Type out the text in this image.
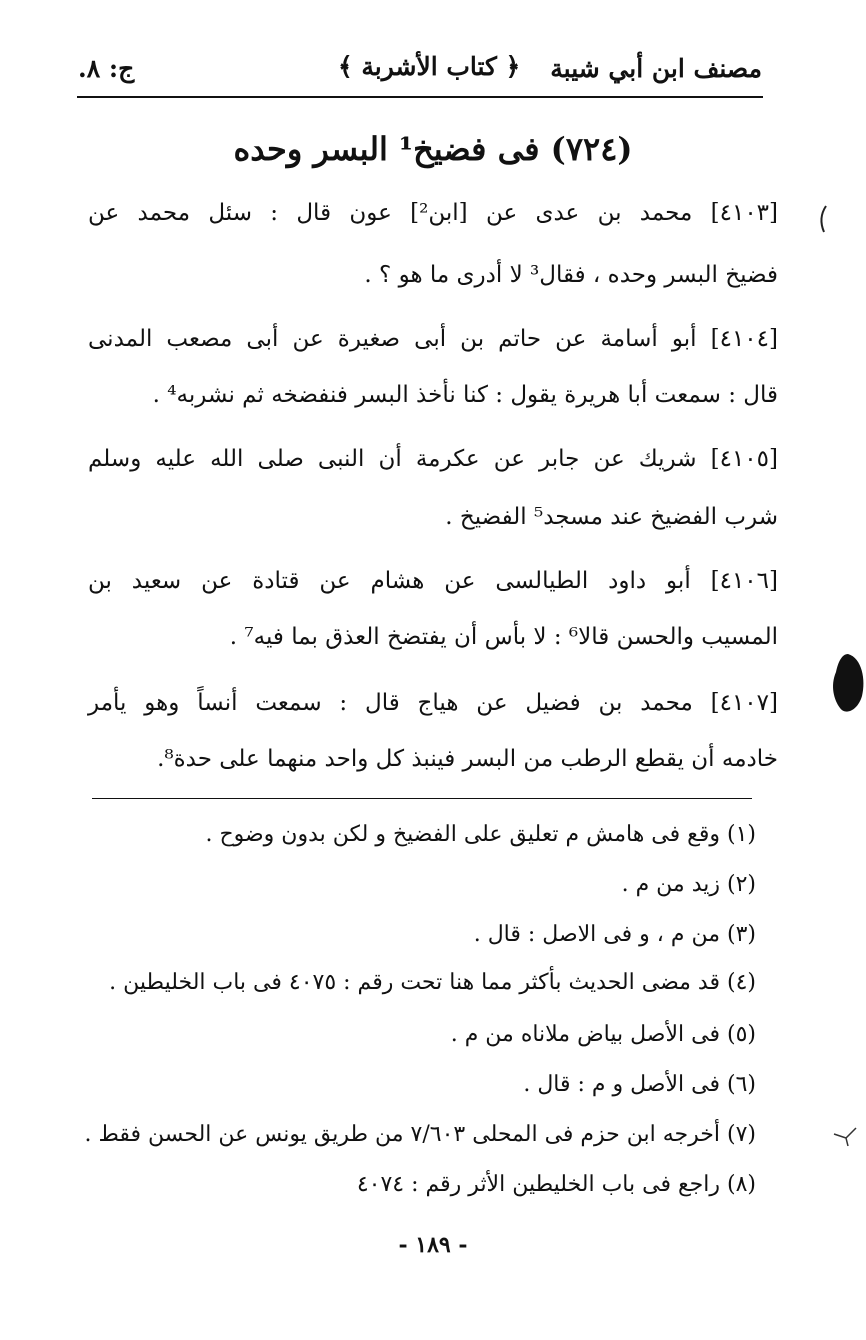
مصنف ابن أبي شيبة
﴿ كتاب الأشربة ﴾
ج: ٨.
(٧٢٤) فى فضيخ¹ البسر وحده
[٤١٠٣] محمد بن عدى عن [ابن²] عون قال : سئل محمد عن
فضيخ البسر وحده ، فقال³ لا أدرى ما هو ؟ .
[٤١٠٤] أبو أسامة عن حاتم بن أبى صغيرة عن أبى مصعب المدنى
قال : سمعت أبا هريرة يقول : كنا نأخذ البسر فنفضخه ثم نشربه⁴ .
[٤١٠٥] شريك عن جابر عن عكرمة أن النبى صلى الله عليه وسلم
شرب الفضيخ عند مسجد⁵ الفضيخ .
[٤١٠٦] أبو داود الطيالسى عن هشام عن قتادة عن سعيد بن
المسيب والحسن قالا⁶ : لا بأس أن يفتضخ العذق بما فيه⁷ .
[٤١٠٧] محمد بن فضيل عن هياج قال : سمعت أنساً وهو يأمر
خادمه أن يقطع الرطب من البسر فينبذ كل واحد منهما على حدة⁸.
(١) وقع فى هامش م تعليق على الفضيخ و لكن بدون وضوح .
(٢) زيد من م .
(٣) من م ، و فى الاصل : قال .
(٤) قد مضى الحديث بأكثر مما هنا تحت رقم : ٤٠٧٥ فى باب الخليطين .
(٥) فى الأصل بياض ملاناه من م .
(٦) فى الأصل و م : قال .
(٧) أخرجه ابن حزم فى المحلى ٧/٦٠٣ من طريق يونس عن الحسن فقط .
(٨) راجع فى باب الخليطين الأثر رقم : ٤٠٧٤
- ١٨٩ -
